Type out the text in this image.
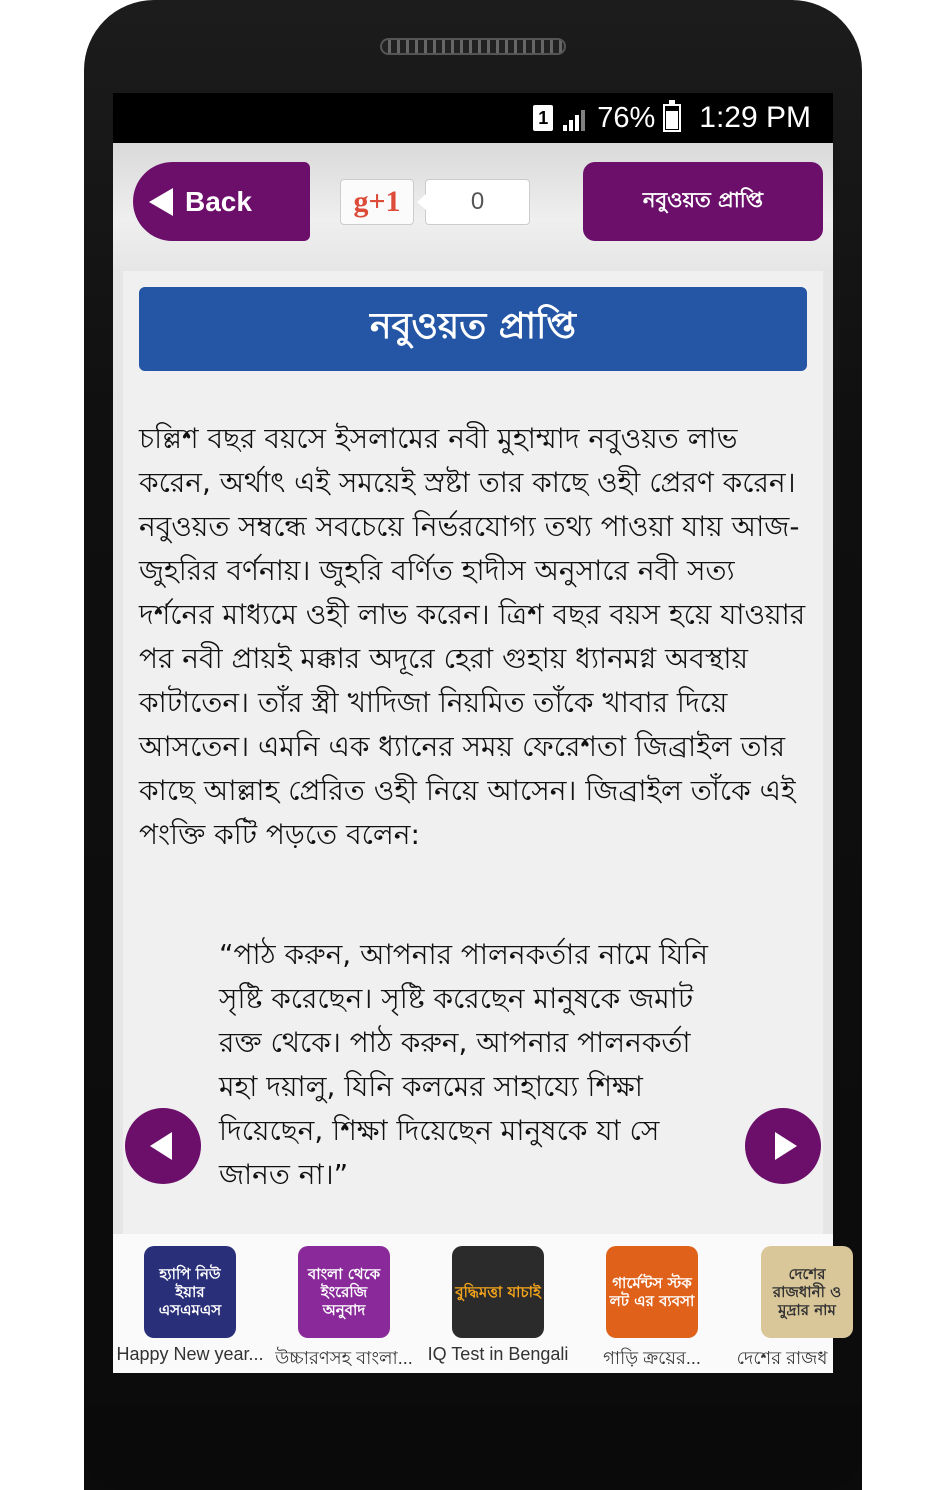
1 76% 1:29 PM
Back	g+1	0	নবুওয়ত প্রাপ্তি
নবুওয়ত প্রাপ্তি

চল্লিশ বছর বয়সে ইসলামের নবী মুহাম্মাদ নবুওয়ত লাভ করেন, অর্থাৎ এই সময়েই স্রষ্টা তার কাছে ওহী প্রেরণ করেন। নবুওয়ত সম্বন্ধে সবচেয়ে নির্ভরযোগ্য তথ্য পাওয়া যায় আজ-জুহরির বর্ণনায়। জুহরি বর্ণিত হাদীস অনুসারে নবী সত্য দর্শনের মাধ্যমে ওহী লাভ করেন। ত্রিশ বছর বয়স হয়ে যাওয়ার পর নবী প্রায়ই মক্কার অদূরে হেরা গুহায় ধ্যানমগ্ন অবস্থায় কাটাতেন। তাঁর স্ত্রী খাদিজা নিয়মিত তাঁকে খাবার দিয়ে আসতেন। এমনি এক ধ্যানের সময় ফেরেশতা জিব্রাইল তার কাছে আল্লাহ প্রেরিত ওহী নিয়ে আসেন। জিব্রাইল তাঁকে এই পংক্তি কটি পড়তে বলেন:

“পাঠ করুন, আপনার পালনকর্তার নামে যিনি সৃষ্টি করেছেন। সৃষ্টি করেছেন মানুষকে জমাট রক্ত থেকে। পাঠ করুন, আপনার পালনকর্তা মহা দয়ালু, যিনি কলমের সাহায্যে শিক্ষা দিয়েছেন, শিক্ষা দিয়েছেন মানুষকে যা সে জানত না।”

হ্যাপি নিউ ইয়ার এসএমএস
Happy New year...
বাংলা থেকে ইংরেজি অনুবাদ
উচ্চারণসহ বাংলা...
বুদ্ধিমত্তা যাচাই
IQ Test in Bengali
গার্মেন্টস স্টক লট এর ব্যবসা
গাড়ি ক্রয়ের...
দেশের রাজধানী ও মুদ্রার নাম
দেশের রাজধ
